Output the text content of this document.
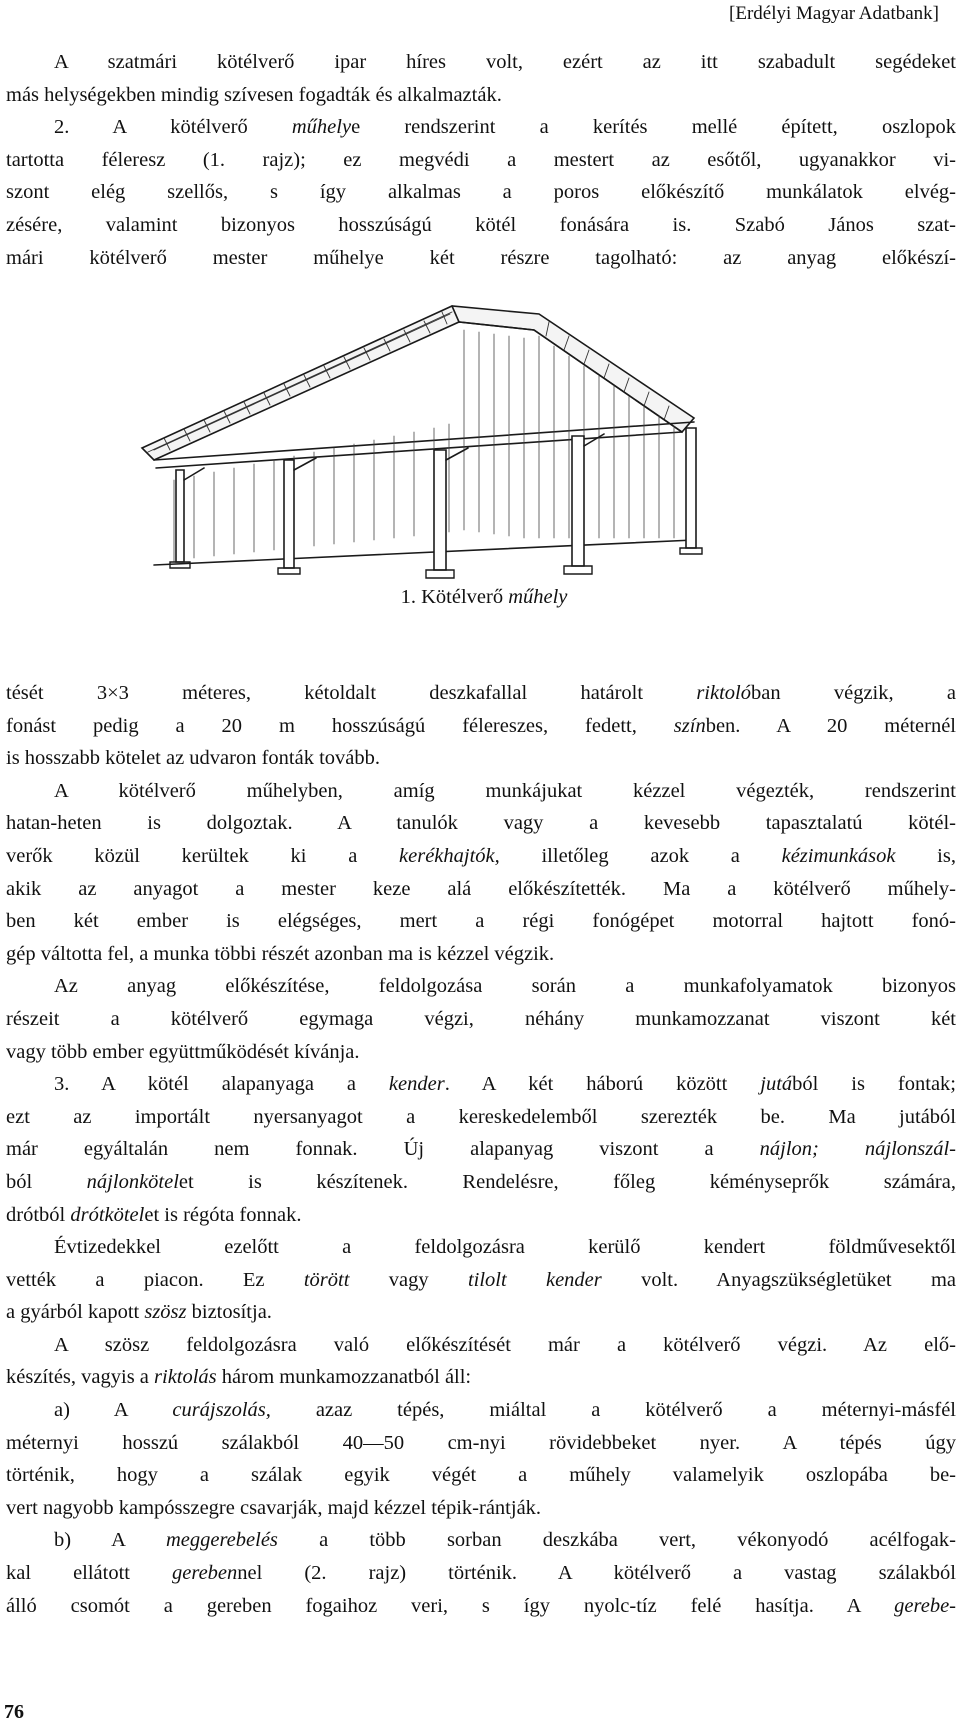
[Erdélyi Magyar Adatbank]
A szatmári kötélverő ipar híres volt, ezért az itt szabadult segédeket
más helységekben mindig szívesen fogadták és alkalmazták.
2. A kötélverő műhelye rendszerint a kerítés mellé épített, oszlopok
tartotta féleresz (1. rajz); ez megvédi a mestert az esőtől, ugyanakkor vi-
szont elég szellős, s így alkalmas a poros előkészítő munkálatok elvég-
zésére, valamint bizonyos hosszúságú kötél fonására is. Szabó János szat-
mári kötélverő mester műhelye két részre tagolható: az anyag előkészí-
1. Kötélverő műhely
tését 3×3 méteres, kétoldalt deszkafallal határolt riktolóban végzik, a
fonást pedig a 20 m hosszúságú félereszes, fedett, színben. A 20 méternél
is hosszabb kötelet az udvaron fonták tovább.
A kötélverő műhelyben, amíg munkájukat kézzel végezték, rendszerint
hatan-heten is dolgoztak. A tanulók vagy a kevesebb tapasztalatú kötél-
verők közül kerültek ki a kerékhajtók, illetőleg azok a kézimunkások is,
akik az anyagot a mester keze alá előkészítették. Ma a kötélverő műhely-
ben két ember is elégséges, mert a régi fonógépet motorral hajtott fonó-
gép váltotta fel, a munka többi részét azonban ma is kézzel végzik.
Az anyag előkészítése, feldolgozása során a munkafolyamatok bizonyos
részeit a kötélverő egymaga végzi, néhány munkamozzanat viszont két
vagy több ember együttműködését kívánja.
3. A kötél alapanyaga a kender. A két háború között jutából is fontak;
ezt az importált nyersanyagot a kereskedelemből szerezték be. Ma jutából
már egyáltalán nem fonnak. Új alapanyag viszont a nájlon; nájlonszál-
ból nájlonkötelet is készítenek. Rendelésre, főleg kéményseprők számára,
drótból drótkötelet is régóta fonnak.
Évtizedekkel ezelőtt a feldolgozásra kerülő kendert földművesektől
vették a piacon. Ez törött vagy tilolt kender volt. Anyagszükségletüket ma
a gyárból kapott szösz biztosítja.
A szösz feldolgozásra való előkészítését már a kötélverő végzi. Az elő-
készítés, vagyis a riktolás három munkamozzanatból áll:
a) A curájszolás, azaz tépés, miáltal a kötélverő a méternyi-másfél
méternyi hosszú szálakból 40—50 cm-nyi rövidebbeket nyer. A tépés úgy
történik, hogy a szálak egyik végét a műhely valamelyik oszlopába be-
vert nagyobb kampósszegre csavarják, majd kézzel tépik-rántják.
b) A meggerebelés a több sorban deszkába vert, vékonyodó acélfogak-
kal ellátott gerebennel (2. rajz) történik. A kötélverő a vastag szálakból
álló csomót a gereben fogaihoz veri, s így nyolc-tíz felé hasítja. A gerebe-
76
